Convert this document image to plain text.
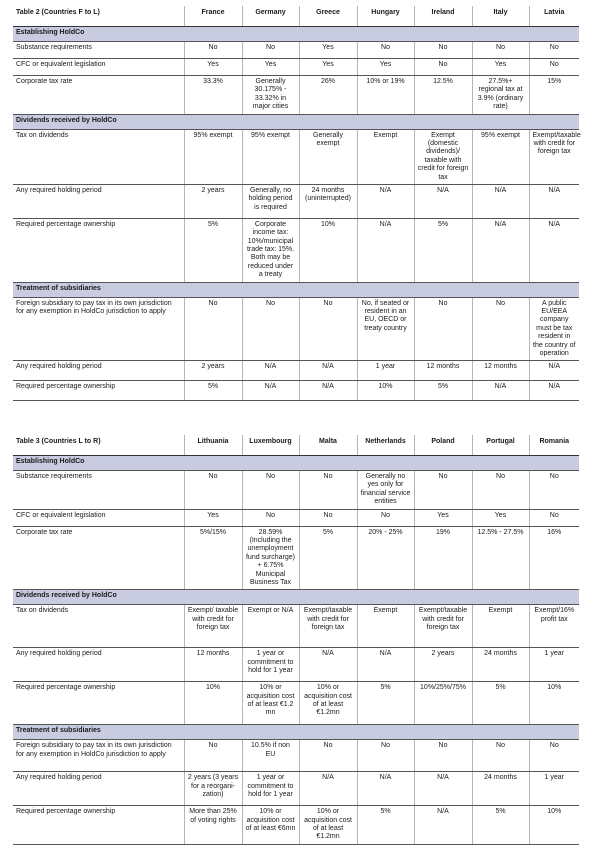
Table 2 (Countries F to L)	France	Germany	Greece	Hungary	Ireland	Italy	Latvia
Establishing HoldCo							
Substance requirements	No	No	Yes	No	No	No	No
CFC or equivalent legislation	Yes	Yes	Yes	Yes	No	Yes	No
Corporate tax rate	33.3%	Generally 30.175% - 33.32% in major cities	26%	10% or 19%	12.5%	27.5%+ regional tax at 3.9% (ordinary rate)	15%
Dividends received by HoldCo							
Tax on dividends	95% exempt	95% exempt	Generally exempt	Exempt	Exempt (domestic dividends)/ taxable with credit for foreign tax	95% exempt	Exempt/taxable with credit for foreign tax
Any required holding period	2 years	Generally, no holding period is required	24 months (uninterrupted)	N/A	N/A	N/A	N/A
Required percentage ownership	5%	Corporate income tax: 10%/municipal trade tax: 15%. Both may be reduced under a treaty	10%	N/A	5%	N/A	N/A
Treatment of subsidiaries							
Foreign subsidiary to pay tax in its own jurisdiction for any exemption in HoldCo jurisdiction to apply	No	No	No	No, if seated or resident in an EU, OECD or treaty country	No	No	A public EU/EEA company must be tax resident in the country of operation
Any required holding period	2 years	N/A	N/A	1 year	12 months	12 months	N/A
Required percentage ownership	5%	N/A	N/A	10%	5%	N/A	N/A
Table 3 (Countries L to R)	Lithuania	Luxembourg	Malta	Netherlands	Poland	Portugal	Romania
Establishing HoldCo							
Substance requirements	No	No	No	Generally no yes only for financial service entities	No	No	No
CFC or equivalent legislation	Yes	No	No	No	Yes	Yes	No
Corporate tax rate	5%/15%	28.59% (Including the unemployment fund surcharge) + 6.75% Municipal Business Tax	5%	20% - 25%	19%	12.5% - 27.5%	16%
Dividends received by HoldCo							
Tax on dividends	Exempt/ taxable with credit for foreign tax	Exempt or N/A	Exempt/taxable with credit for foreign tax	Exempt	Exempt/taxable with credit for foreign tax	Exempt	Exempt/16% profit tax
Any required holding period	12 months	1 year or commitment to hold for 1 year	N/A	N/A	2 years	24 months	1 year
Required percentage ownership	10%	10% or acquisition cost of at least €1.2 mn	10% or acquisition cost of at least €1.2mn	5%	10%/25%/75%	5%	10%
Treatment of subsidiaries							
Foreign subsidiary to pay tax in its own jurisdiction for any exemption in HoldCo jurisdiction to apply	No	10.5% if non EU	No	No	No	No	No
Any required holding period	2 years (3 years for a reorgani- zation)	1 year or commitment to hold for 1 year	N/A	N/A	N/A	24 months	1 year
Required percentage ownership	More than 25% of voting rights	10% or acquisition cost of at least €6mn	10% or acquisition cost of at least €1.2mn	5%	N/A	5%	10%
